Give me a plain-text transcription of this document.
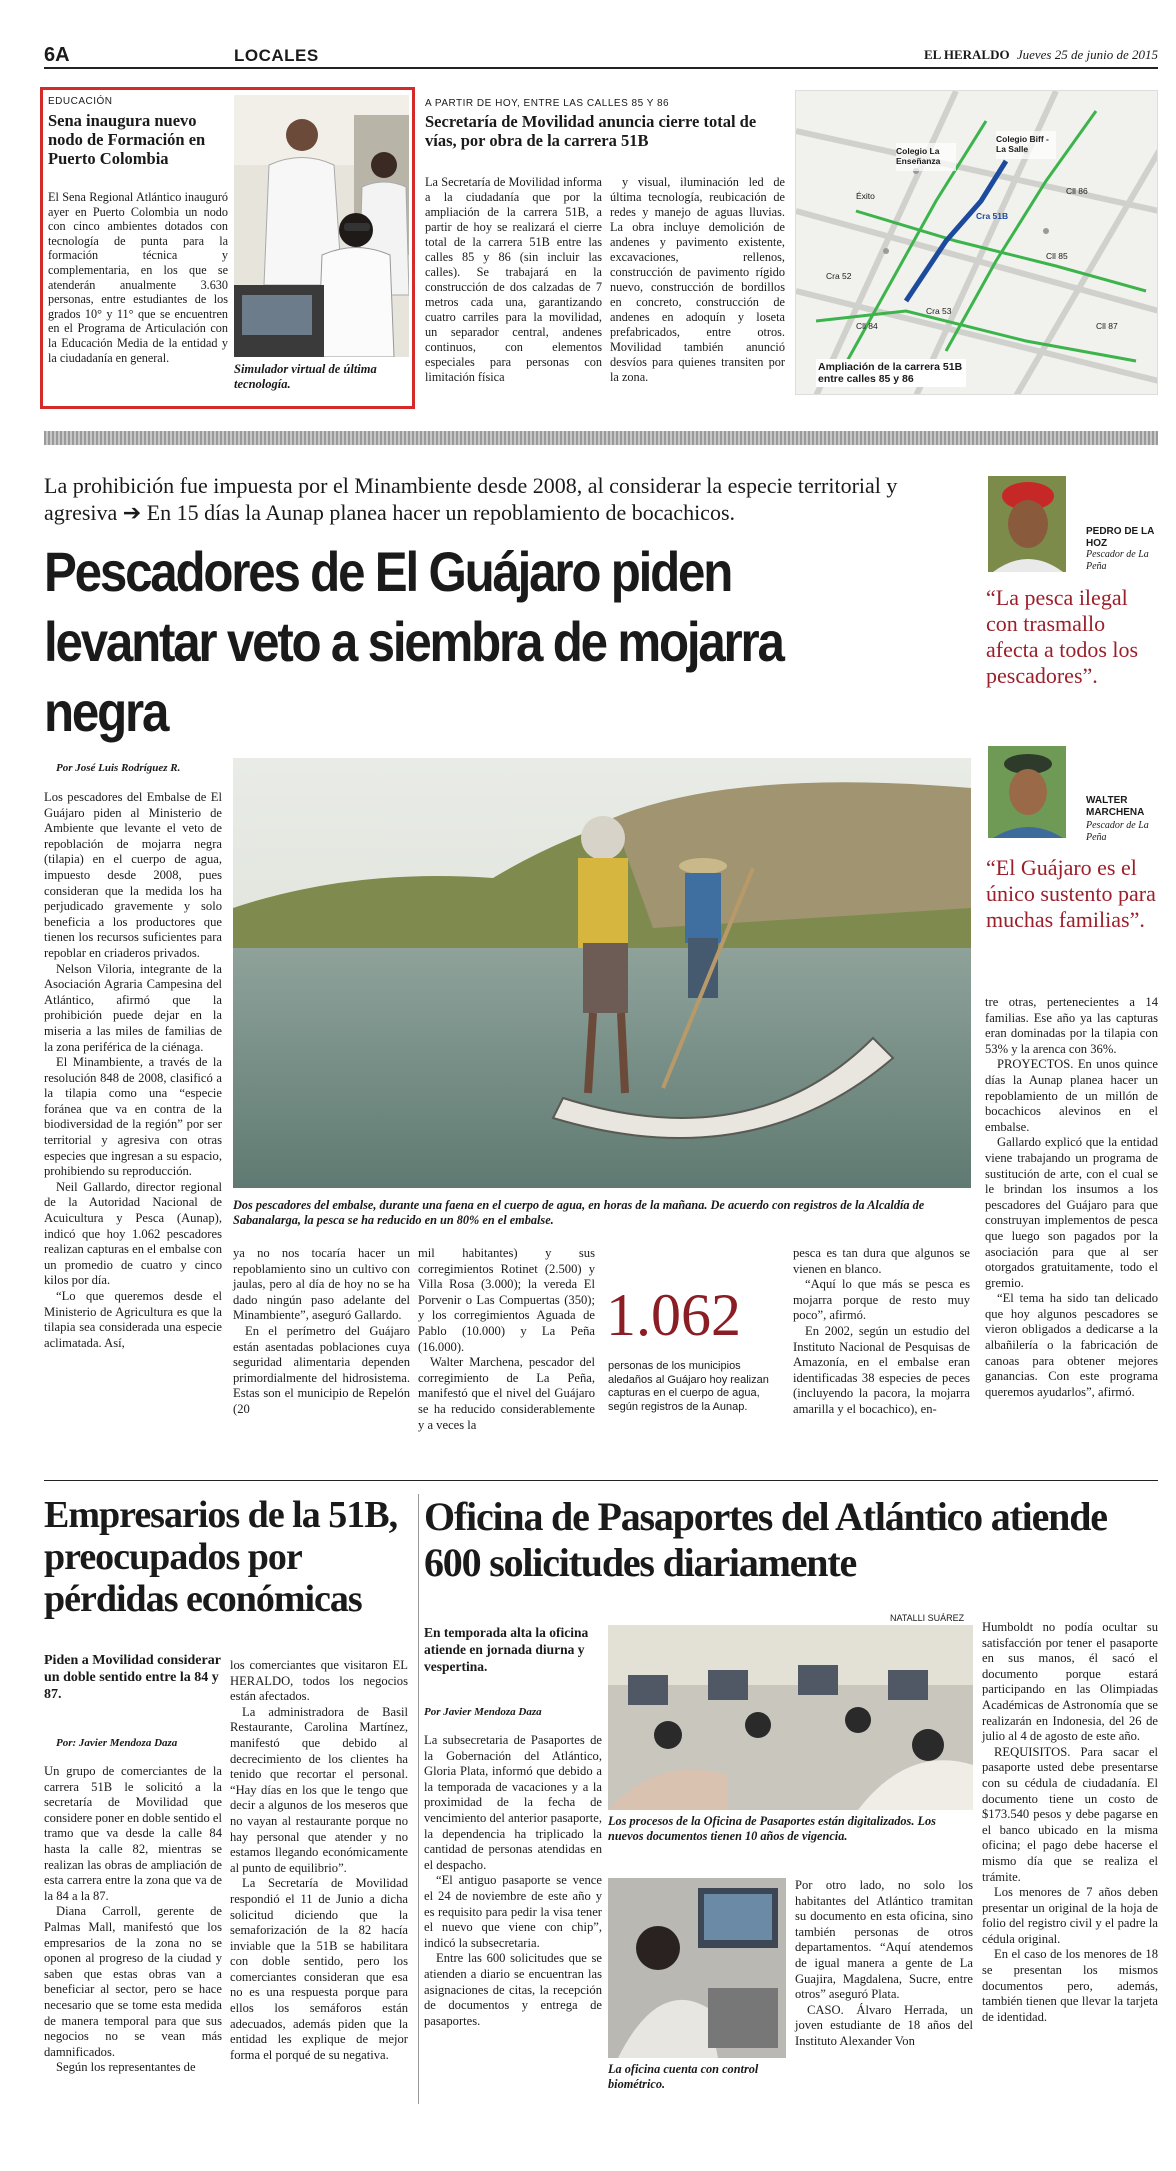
6A	LOCALES	EL HERALDO Jueves 25 de junio de 2015
EDUCACIÓN
Sena inaugura nuevo nodo de Formación en Puerto Colombia

El Sena Regional Atlántico inauguró ayer en Puerto Colombia un nodo con cinco ambientes dotados con tecnología de punta para la formación técnica y complementaria, en los que se atenderán anualmente 3.630 personas, entre estudiantes de los grados 10° y 11° que se encuentren en el Programa de Articulación con la Educación Media de la entidad y la ciudadanía en general.

Simulador virtual de última tecnología.
A PARTIR DE HOY, ENTRE LAS CALLES 85 Y 86
Secretaría de Movilidad anuncia cierre total de vías, por obra de la carrera 51B

La Secretaría de Movilidad informa a la ciudadanía que por la ampliación de la carrera 51B, a partir de hoy se realizará el cierre total de la carrera 51B entre las calles 85 y 86 (sin incluir las calles). Se trabajará en la construcción de dos calzadas de 7 metros cada una, garantizando cuatro carriles para la movilidad, un separador central, andenes continuos, con elementos especiales para personas con limitación física

y visual, iluminación led de última tecnología, reubicación de redes y manejo de aguas lluvias. La obra incluye demolición de andenes y pavimento existente, excavaciones, rellenos, construcción de pavimento rígido nuevo, construcción de bordillos en concreto, construcción de andenes en adoquín y loseta prefabricados, entre otros. Movilidad también anunció desvíos para quienes transiten por la zona.

Colegio La Enseñanza
Colegio Biff - La Salle
Éxito
Cra 51B
Cll 85
Cll 86
Cra 52
Cra 53
Cll 84	Cll 87
Ampliación de la carrera 51B entre calles 85 y 86
La prohibición fue impuesta por el Minambiente desde 2008, al considerar la especie territorial y agresiva ➔ En 15 días la Aunap planea hacer un repoblamiento de bocachicos.
Pescadores de El Guájaro piden levantar veto a siembra de mojarra negra
PEDRO DE LA HOZ
Pescador de La Peña
“La pesca ilegal con trasmallo afecta a todos los pescadores”.
WALTER MARCHENA
Pescador de La Peña
“El Guájaro es el único sustento para muchas familias”.
Por José Luis Rodríguez R.

Los pescadores del Embalse de El Guájaro piden al Ministerio de Ambiente que levante el veto de repoblación de mojarra negra (tilapia) en el cuerpo de agua, impuesto desde 2008, pues consideran que la medida los ha perjudicado gravemente y solo beneficia a los productores que tienen los recursos suficientes para repoblar en criaderos privados.

Nelson Viloria, integrante de la Asociación Agraria Campesina del Atlántico, afirmó que la prohibición puede dejar en la miseria a las miles de familias de la zona periférica de la ciénaga.

El Minambiente, a través de la resolución 848 de 2008, clasificó a la tilapia como una “especie foránea que va en contra de la biodiversidad de la región” por ser territorial y agresiva con otras especies que ingresan a su espacio, prohibiendo su reproducción.

Neil Gallardo, director regional de la Autoridad Nacional de Acuicultura y Pesca (Aunap), indicó que hoy 1.062 pescadores realizan capturas en el embalse con un promedio de cuatro y cinco kilos por día.

“Lo que queremos desde el Ministerio de Agricultura es que la tilapia sea considerada una especie aclimatada. Así,

Dos pescadores del embalse, durante una faena en el cuerpo de agua, en horas de la mañana. De acuerdo con registros de la Alcaldía de Sabanalarga, la pesca se ha reducido en un 80% en el embalse.

ya no nos tocaría hacer un repoblamiento sino un cultivo con jaulas, pero al día de hoy no se ha dado ningún paso adelante del Minambiente”, aseguró Gallardo.

En el perímetro del Guájaro están asentadas poblaciones cuya seguridad alimentaria dependen primordialmente del hidrosistema. Estas son el municipio de Repelón (20

mil habitantes) y sus corregimientos Rotinet (2.500) y Villa Rosa (3.000); la vereda El Porvenir o Las Compuertas (350); y los corregimientos Aguada de Pablo (10.000) y La Peña (16.000).

Walter Marchena, pescador del corregimiento de La Peña, manifestó que el nivel del Guájaro se ha reducido considerablemente y a veces la

1.062
personas de los municipios aledaños al Guájaro hoy realizan capturas en el cuerpo de agua, según registros de la Aunap.

pesca es tan dura que algunos se vienen en blanco.

“Aquí lo que más se pesca es mojarra porque de resto muy poco”, afirmó.

En 2002, según un estudio del Instituto Nacional de Pesquisas de Amazonía, en el embalse eran identificadas 38 especies de peces (incluyendo la pacora, la mojarra amarilla y el bocachico), en-

tre otras, pertenecientes a 14 familias. Ese año ya las capturas eran dominadas por la tilapia con 53% y la arenca con 36%.

PROYECTOS. En unos quince días la Aunap planea hacer un repoblamiento de un millón de bocachicos alevinos en el embalse.

Gallardo explicó que la entidad viene trabajando un programa de sustitución de arte, con el cual se le brindan los insumos a los pescadores del Guájaro para que construyan implementos de pesca que luego son pagados por la asociación para que al ser otorgados gratuitamente, todo el gremio.

“El tema ha sido tan delicado que hoy algunos pescadores se vieron obligados a dedicarse a la albañilería o la fabricación de canoas para obtener mejores ganancias. Con este programa queremos ayudarlos”, afirmó.

Empresarios de la 51B, preocupados por pérdidas económicas
Piden a Movilidad considerar un doble sentido entre la 84 y 87.
Por: Javier Mendoza Daza

Un grupo de comerciantes de la carrera 51B le solicitó a la secretaría de Movilidad que considere poner en doble sentido el tramo que va desde la calle 84 hasta la calle 82, mientras se realizan las obras de ampliación de esta carrera entre la zona que va de la 84 a la 87.

Diana Carroll, gerente de Palmas Mall, manifestó que los empresarios de la zona no se oponen al progreso de la ciudad y saben que estas obras van a beneficiar al sector, pero se hace necesario que se tome esta medida de manera temporal para que sus negocios no se vean más damnificados.

Según los representantes de

los comerciantes que visitaron EL HERALDO, todos los negocios están afectados.

La administradora de Basil Restaurante, Carolina Martínez, manifestó que debido al decrecimiento de los clientes ha tenido que recortar el personal. “Hay días en los que le tengo que decir a algunos de los meseros que no vayan al restaurante porque no hay personal que atender y no estamos llegando económicamente al punto de equilibrio”.

La Secretaría de Movilidad respondió el 11 de Junio a dicha solicitud diciendo que la semaforización de la 82 hacía inviable que la 51B se habilitara con doble sentido, pero los comerciantes consideran que esa no es una respuesta porque para ellos los semáforos están adecuados, además piden que la entidad les explique de mejor forma el porqué de su negativa.

Oficina de Pasaportes del Atlántico atiende 600 solicitudes diariamente
En temporada alta la oficina atiende en jornada diurna y vespertina.
Por Javier Mendoza Daza

La subsecretaria de Pasaportes de la Gobernación del Atlántico, Gloria Plata, informó que debido a la temporada de vacaciones y a la proximidad de la fecha de vencimiento del anterior pasaporte, la dependencia ha triplicado la cantidad de personas atendidas en el despacho.

“El antiguo pasaporte se vence el 24 de noviembre de este año y es requisito para pedir la visa tener el nuevo que viene con chip”, indicó la subsecretaria.

Entre las 600 solicitudes que se atienden a diario se encuentran las asignaciones de citas, la recepción de documentos y entrega de pasaportes.

NATALLI SUÁREZ
Los procesos de la Oficina de Pasaportes están digitalizados. Los nuevos documentos tienen 10 años de vigencia.
La oficina cuenta con control biométrico.

Por otro lado, no solo los habitantes del Atlántico tramitan su documento en esta oficina, sino también personas de otros departamentos. “Aquí atendemos de igual manera a gente de La Guajira, Magdalena, Sucre, entre otros” aseguró Plata.

CASO. Álvaro Herrada, un joven estudiante de 18 años del Instituto Alexander Von

Humboldt no podía ocultar su satisfacción por tener el pasaporte en sus manos, él sacó el documento porque estará participando en las Olimpiadas Académicas de Astronomía que se realizarán en Indonesia, del 26 de julio al 4 de agosto de este año.

REQUISITOS. Para sacar el pasaporte usted debe presentarse con su cédula de ciudadanía. El documento tiene un costo de $173.540 pesos y debe pagarse en el banco ubicado en la misma oficina; el pago debe hacerse el mismo día que se realiza el trámite.

Los menores de 7 años deben presentar un original de la hoja de folio del registro civil y el padre la cédula original.

En el caso de los menores de 18 se presentan los mismos documentos pero, además, también tienen que llevar la tarjeta de identidad.
